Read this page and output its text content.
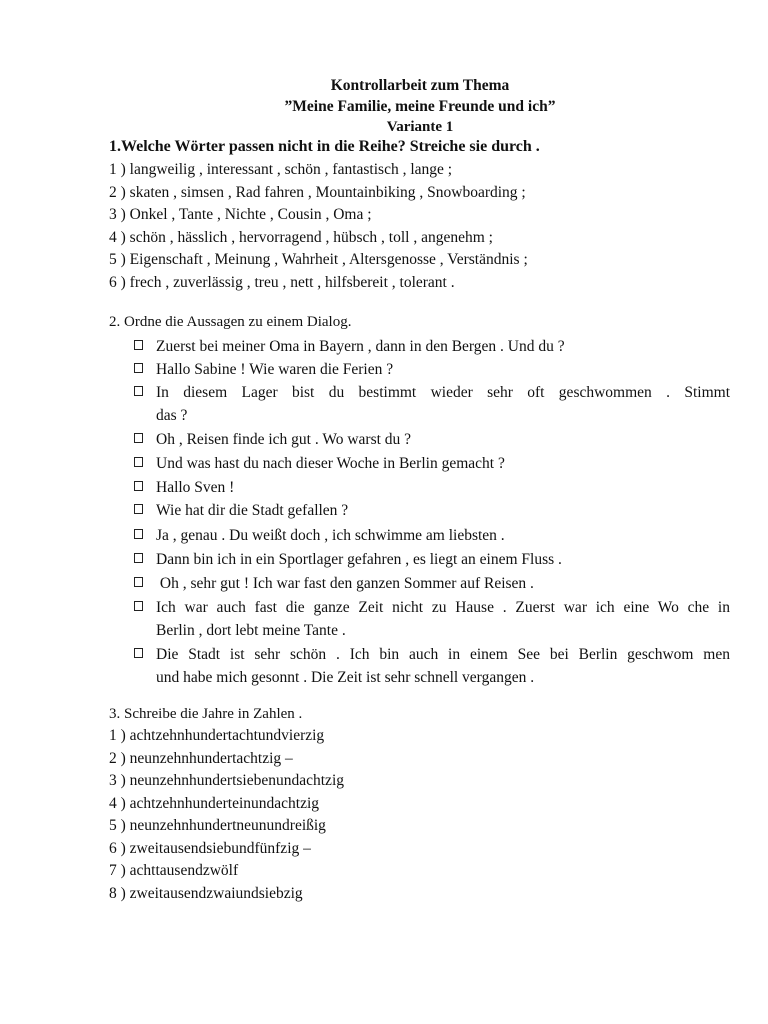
Kontrollarbeit zum Thema
”Meine Familie, meine Freunde und ich”
Variante 1
1.Welche Wörter passen nicht in die Reihe? Streiche sie durch .
1 ) langweilig , interessant , schön , fantastisch , lange ;
2 ) skaten , simsen , Rad fahren , Mountainbiking , Snowboarding ;
3 ) Onkel , Tante , Nichte , Cousin , Oma ;
4 ) schön , hässlich , hervorragend , hübsch , toll , angenehm ;
5 ) Eigenschaft , Meinung , Wahrheit , Altersgenosse , Verständnis ;
6 ) frech , zuverlässig , treu , nett , hilfsbereit , tolerant .
2. Ordne die Aussagen zu einem Dialog.
Zuerst bei meiner Oma in Bayern , dann in den Bergen . Und du ?
Hallo Sabine ! Wie waren die Ferien ?
In diesem Lager bist du bestimmt wieder sehr oft geschwommen . Stimmt
das ?
Oh , Reisen finde ich gut . Wo warst du ?
Und was hast du nach dieser Woche in Berlin gemacht ?
Hallo Sven !
Wie hat dir die Stadt gefallen ?
Ja , genau . Du weißt doch , ich schwimme am liebsten .
Dann bin ich in ein Sportlager gefahren , es liegt an einem Fluss .
Oh , sehr gut ! Ich war fast den ganzen Sommer auf Reisen .
Ich war auch fast die ganze Zeit nicht zu Hause . Zuerst war ich eine Wo che in
Berlin , dort lebt meine Tante .
Die Stadt ist sehr schön . Ich bin auch in einem See bei Berlin geschwom men
und habe mich gesonnt . Die Zeit ist sehr schnell vergangen .
3. Schreibe die Jahre in Zahlen .
1 ) achtzehnhundertachtundvierzig
2 ) neunzehnhundertachtzig –
3 ) neunzehnhundertsiebenundachtzig
4 ) achtzehnhunderteinundachtzig
5 ) neunzehnhundertneunundreißig
6 ) zweitausendsiebundfünfzig –
7 ) achttausendzwölf
8 ) zweitausendzwaiundsiebzig
